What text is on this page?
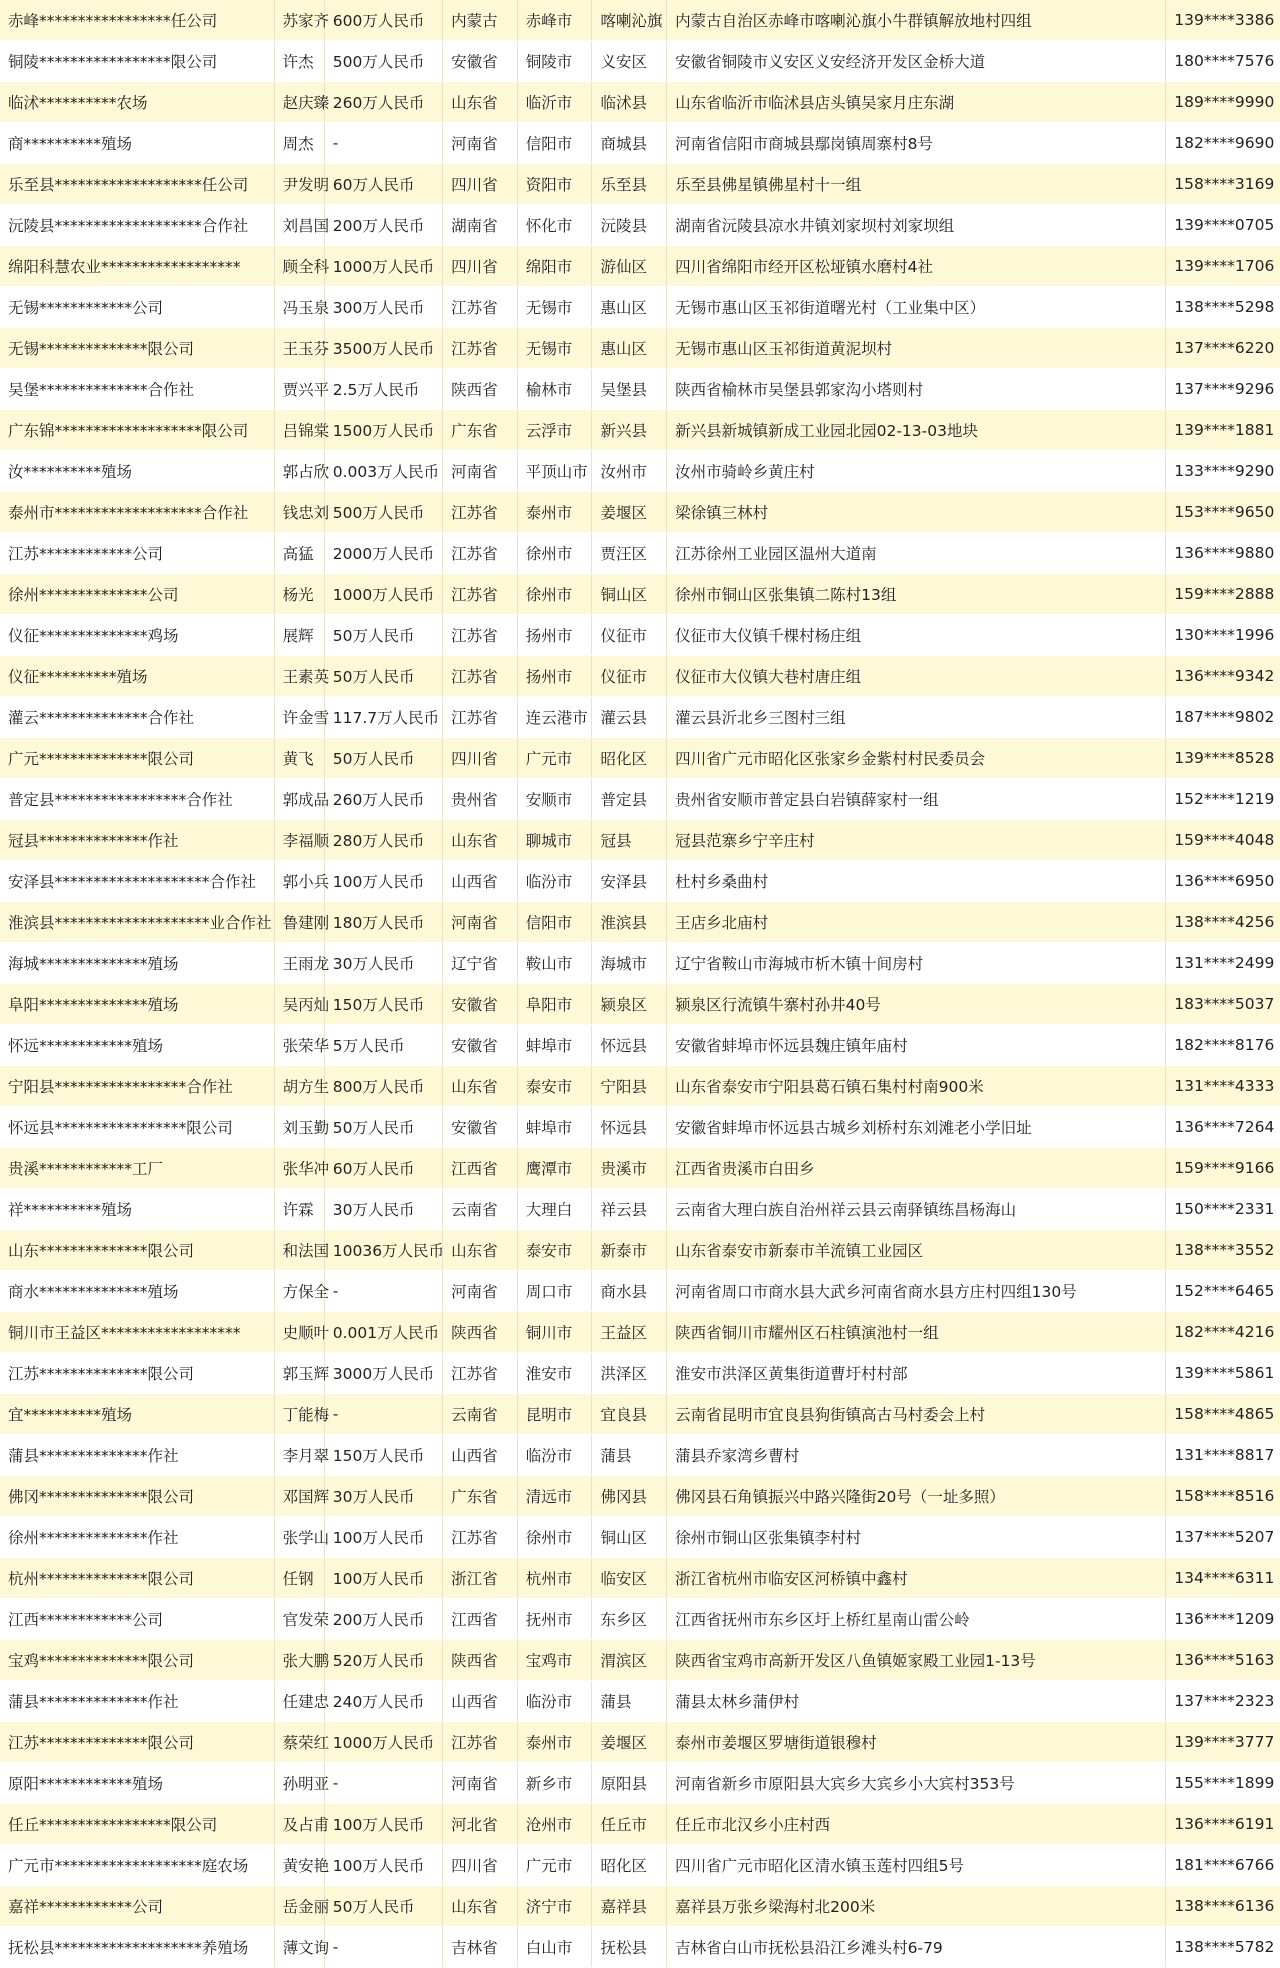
赤峰*****************任公司	苏家齐	600万人民币	内蒙古	赤峰市	喀喇沁旗	内蒙古自治区赤峰市喀喇沁旗小牛群镇解放地村四组	139****3386
铜陵*****************限公司	许杰	500万人民币	安徽省	铜陵市	义安区	安徽省铜陵市义安区义安经济开发区金桥大道	180****7576
临沭**********农场	赵庆臻	260万人民币	山东省	临沂市	临沭县	山东省临沂市临沭县店头镇吴家月庄东湖	189****9990
商**********殖场	周杰	-	河南省	信阳市	商城县	河南省信阳市商城县鄢岗镇周寨村8号	182****9690
乐至县*******************任公司	尹发明	60万人民币	四川省	资阳市	乐至县	乐至县佛星镇佛星村十一组	158****3169
沅陵县*******************合作社	刘昌国	200万人民币	湖南省	怀化市	沅陵县	湖南省沅陵县凉水井镇刘家坝村刘家坝组	139****0705
绵阳科慧农业******************	顾全科	1000万人民币	四川省	绵阳市	游仙区	四川省绵阳市经开区松垭镇水磨村4社	139****1706
无锡************公司	冯玉泉	300万人民币	江苏省	无锡市	惠山区	无锡市惠山区玉祁街道曙光村（工业集中区）	138****5298
无锡**************限公司	王玉芬	3500万人民币	江苏省	无锡市	惠山区	无锡市惠山区玉祁街道黄泥坝村	137****6220
吴堡**************合作社	贾兴平	2.5万人民币	陕西省	榆林市	吴堡县	陕西省榆林市吴堡县郭家沟小塔则村	137****9296
广东锦*******************限公司	吕锦棠	1500万人民币	广东省	云浮市	新兴县	新兴县新城镇新成工业园北园02-13-03地块	139****1881
汝**********殖场	郭占欣	0.003万人民币	河南省	平顶山市	汝州市	汝州市骑岭乡黄庄村	133****9290
泰州市*******************合作社	钱忠刘	500万人民币	江苏省	泰州市	姜堰区	梁徐镇三林村	153****9650
江苏************公司	高猛	2000万人民币	江苏省	徐州市	贾汪区	江苏徐州工业园区温州大道南	136****9880
徐州**************公司	杨光	1000万人民币	江苏省	徐州市	铜山区	徐州市铜山区张集镇二陈村13组	159****2888
仪征**************鸡场	展辉	50万人民币	江苏省	扬州市	仪征市	仪征市大仪镇千棵村杨庄组	130****1996
仪征**********殖场	王素英	50万人民币	江苏省	扬州市	仪征市	仪征市大仪镇大巷村唐庄组	136****9342
灌云**************合作社	许金雪	117.7万人民币	江苏省	连云港市	灌云县	灌云县沂北乡三图村三组	187****9802
广元**************限公司	黄飞	50万人民币	四川省	广元市	昭化区	四川省广元市昭化区张家乡金紫村村民委员会	139****8528
普定县*****************合作社	郭成品	260万人民币	贵州省	安顺市	普定县	贵州省安顺市普定县白岩镇薛家村一组	152****1219
冠县**************作社	李福顺	280万人民币	山东省	聊城市	冠县	冠县范寨乡宁辛庄村	159****4048
安泽县********************合作社	郭小兵	100万人民币	山西省	临汾市	安泽县	杜村乡桑曲村	136****6950
淮滨县********************业合作社	鲁建刚	180万人民币	河南省	信阳市	淮滨县	王店乡北庙村	138****4256
海城**************殖场	王雨龙	30万人民币	辽宁省	鞍山市	海城市	辽宁省鞍山市海城市析木镇十间房村	131****2499
阜阳**************殖场	吴丙灿	150万人民币	安徽省	阜阳市	颍泉区	颍泉区行流镇牛寨村孙井40号	183****5037
怀远************殖场	张荣华	5万人民币	安徽省	蚌埠市	怀远县	安徽省蚌埠市怀远县魏庄镇年庙村	182****8176
宁阳县*****************合作社	胡方生	800万人民币	山东省	泰安市	宁阳县	山东省泰安市宁阳县葛石镇石集村村南900米	131****4333
怀远县*****************限公司	刘玉勤	50万人民币	安徽省	蚌埠市	怀远县	安徽省蚌埠市怀远县古城乡刘桥村东刘滩老小学旧址	136****7264
贵溪************工厂	张华冲	60万人民币	江西省	鹰潭市	贵溪市	江西省贵溪市白田乡	159****9166
祥**********殖场	许霖	30万人民币	云南省	大理白	祥云县	云南省大理白族自治州祥云县云南驿镇练昌杨海山	150****2331
山东**************限公司	和法国	10036万人民币	山东省	泰安市	新泰市	山东省泰安市新泰市羊流镇工业园区	138****3552
商水**************殖场	方保全	-	河南省	周口市	商水县	河南省周口市商水县大武乡河南省商水县方庄村四组130号	152****6465
铜川市王益区******************	史顺叶	0.001万人民币	陕西省	铜川市	王益区	陕西省铜川市耀州区石柱镇演池村一组	182****4216
江苏**************限公司	郭玉辉	3000万人民币	江苏省	淮安市	洪泽区	淮安市洪泽区黄集街道曹圩村村部	139****5861
宜**********殖场	丁能梅	-	云南省	昆明市	宜良县	云南省昆明市宜良县狗街镇高古马村委会上村	158****4865
蒲县**************作社	李月翠	150万人民币	山西省	临汾市	蒲县	蒲县乔家湾乡曹村	131****8817
佛冈**************限公司	邓国辉	30万人民币	广东省	清远市	佛冈县	佛冈县石角镇振兴中路兴隆街20号（一址多照）	158****8516
徐州**************作社	张学山	100万人民币	江苏省	徐州市	铜山区	徐州市铜山区张集镇李村村	137****5207
杭州**************限公司	任钢	100万人民币	浙江省	杭州市	临安区	浙江省杭州市临安区河桥镇中鑫村	134****6311
江西************公司	官发荣	200万人民币	江西省	抚州市	东乡区	江西省抚州市东乡区圩上桥红星南山雷公岭	136****1209
宝鸡**************限公司	张大鹏	520万人民币	陕西省	宝鸡市	渭滨区	陕西省宝鸡市高新开发区八鱼镇姬家殿工业园1-13号	136****5163
蒲县**************作社	任建忠	240万人民币	山西省	临汾市	蒲县	蒲县太林乡蒲伊村	137****2323
江苏**************限公司	蔡荣红	1000万人民币	江苏省	泰州市	姜堰区	泰州市姜堰区罗塘街道银穆村	139****3777
原阳************殖场	孙明亚	-	河南省	新乡市	原阳县	河南省新乡市原阳县大宾乡大宾乡小大宾村353号	155****1899
任丘*****************限公司	及占甫	100万人民币	河北省	沧州市	任丘市	任丘市北汉乡小庄村西	136****6191
广元市*******************庭农场	黄安艳	100万人民币	四川省	广元市	昭化区	四川省广元市昭化区清水镇玉莲村四组5号	181****6766
嘉祥************公司	岳金丽	50万人民币	山东省	济宁市	嘉祥县	嘉祥县万张乡梁海村北200米	138****6136
抚松县*******************养殖场	薄文询	-	吉林省	白山市	抚松县	吉林省白山市抚松县沿江乡滩头村6-79	138****5782
